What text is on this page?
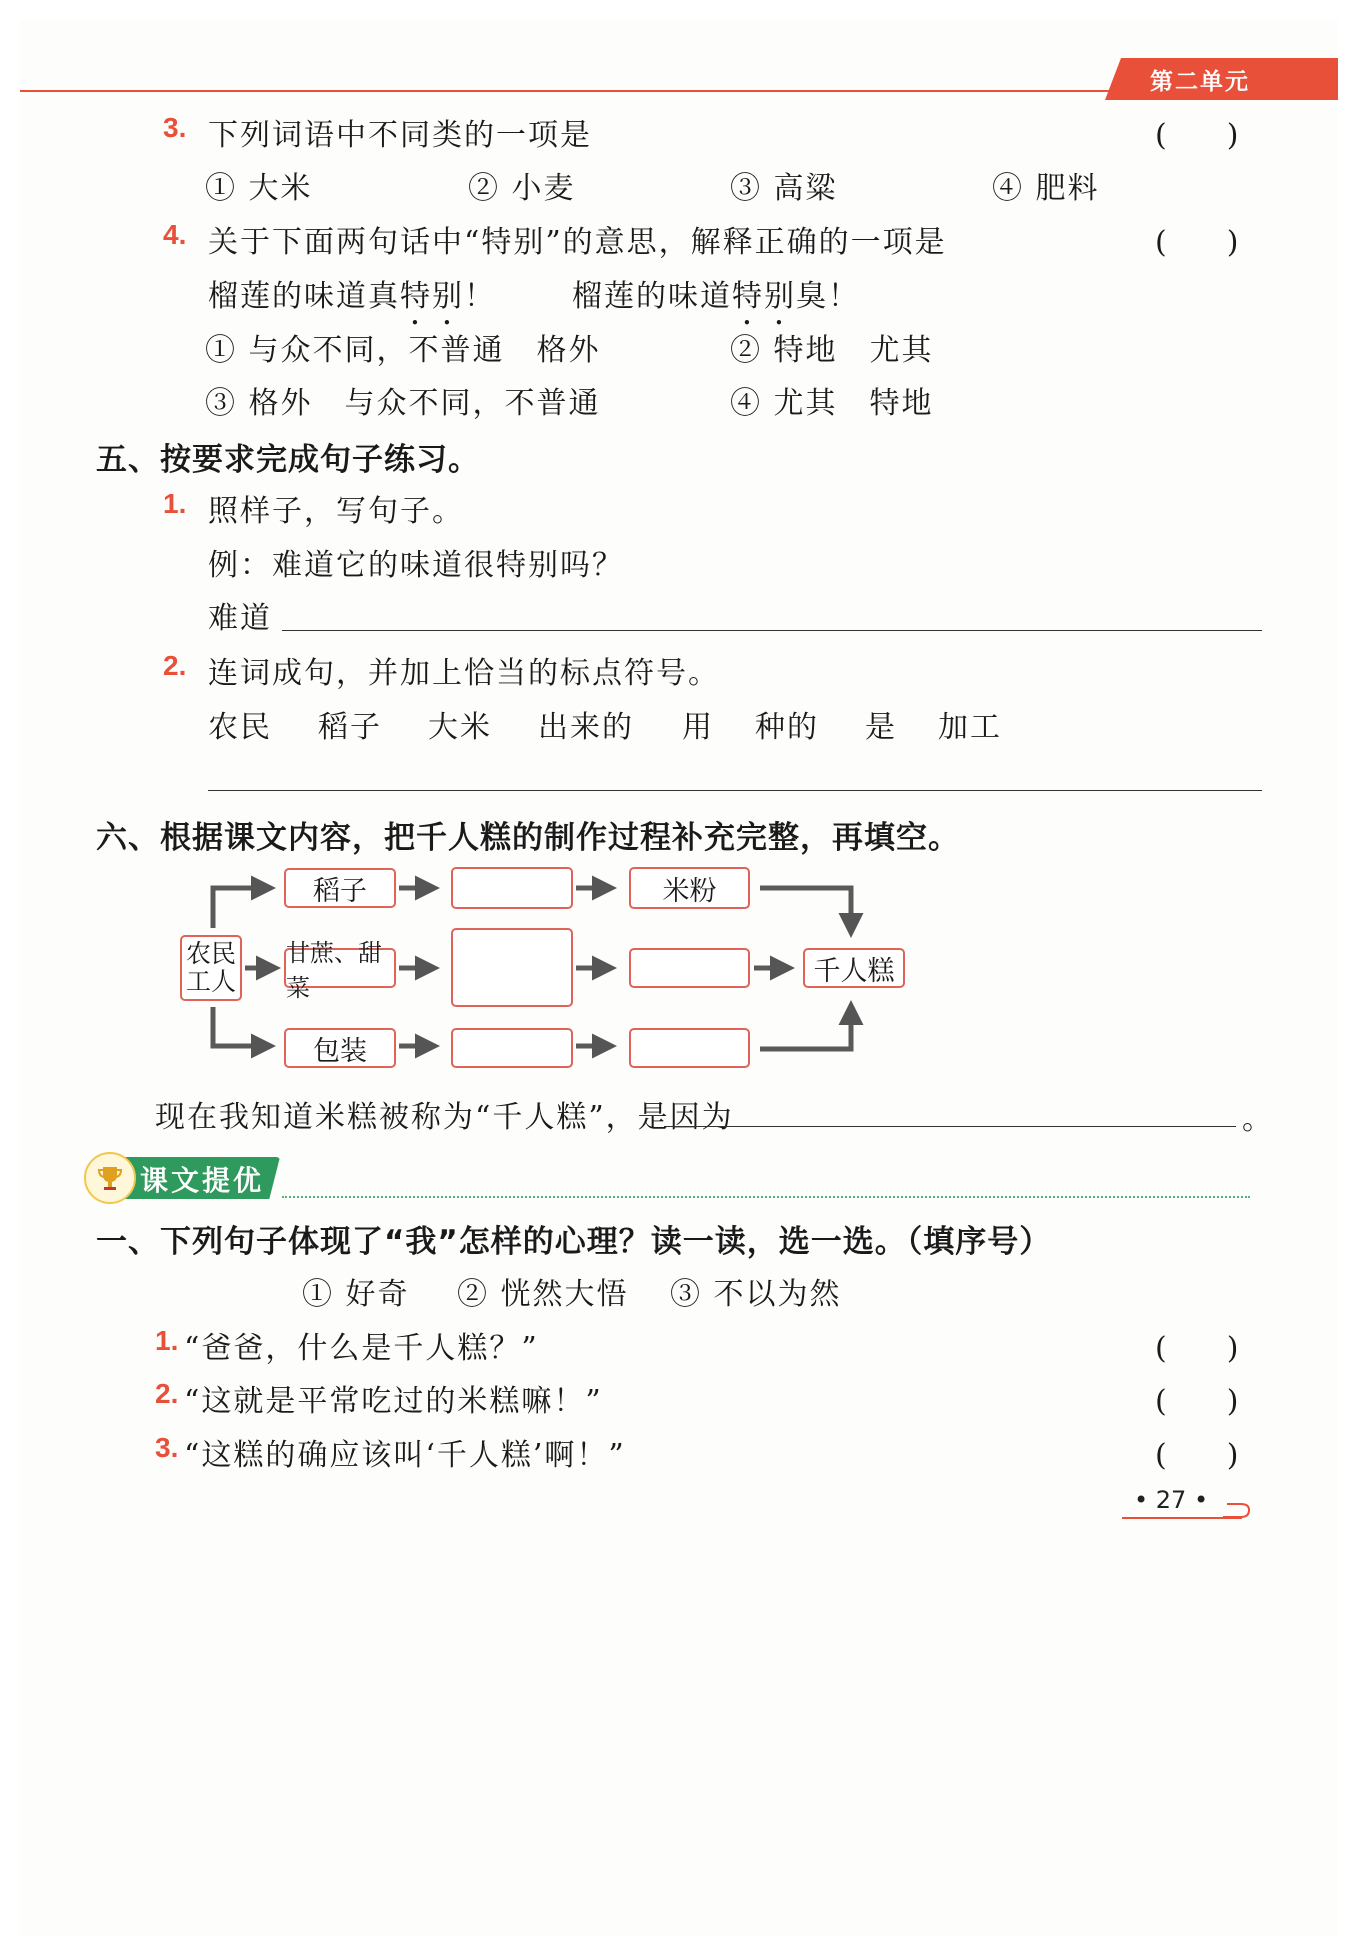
第二单元
3. 下列词语中不同类的一项是	(　　)
① 大米	② 小麦	③ 高粱	④ 肥料
4. 关于下面两句话中“特别”的意思，解释正确的一项是	(　　)
榴莲的味道真特别！	榴莲的味道特别臭！
① 与众不同，不普通　格外	② 特地　尤其
③ 格外　与众不同，不普通	④ 尤其　特地
五、按要求完成句子练习。
1. 照样子，写句子。
例：难道它的味道很特别吗？
难道
2. 连词成句，并加上恰当的标点符号。
农民 稻子 大米 出来的 用 种的 是 加工
六、根据课文内容，把千人糕的制作过程补充完整，再填空。
农民
工人
稻子	米粉
甘蔗、甜菜
千人糕
包装
现在我知道米糕被称为“千人糕”，是因为	。
课文提优
一、下列句子体现了“我”怎样的心理？读一读，选一选。（填序号）
① 好奇 ② 恍然大悟 ③ 不以为然
1. “爸爸，什么是千人糕？”	(　　)
2. “这就是平常吃过的米糕嘛！”	(　　)
3. “这糕的确应该叫‘千人糕’啊！”	(　　)
• 27 •
